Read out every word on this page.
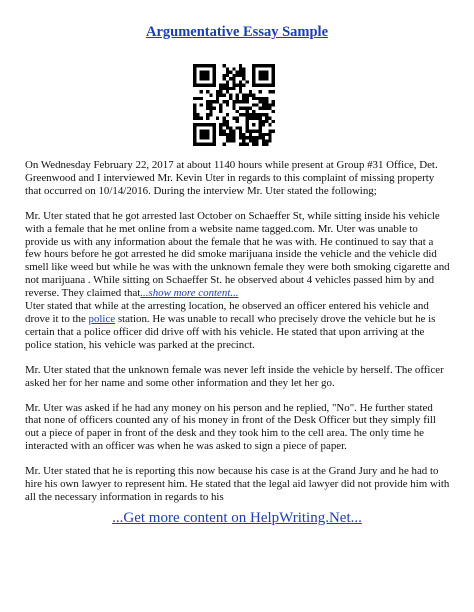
Argumentative Essay Sample

On Wednesday February 22, 2017 at about 1140 hours while present at Group #31 Office, Det. Greenwood and I interviewed Mr. Kevin Uter in regards to this complaint of missing property that occurred on 10/14/2016. During the interview Mr. Uter stated the following;

Mr. Uter stated that he got arrested last October on Schaeffer St, while sitting inside his vehicle with a female that he met online from a website name tagged.com. Mr. Uter was unable to provide us with any information about the female that he was with. He continued to say that a few hours before he got arrested he did smoke marijuana inside the vehicle and the vehicle did smell like weed but while he was with the unknown female they were both smoking cigarette and not marijuana . While sitting on Schaeffer St. he observed about 4 vehicles passed him by and reverse. They claimed that...show more content...

Uter stated that while at the arresting location, he observed an officer entered his vehicle and drove it to the police station. He was unable to recall who precisely drove the vehicle but he is certain that a police officer did drive off with his vehicle. He stated that upon arriving at the police station, his vehicle was parked at the precinct.

Mr. Uter stated that the unknown female was never left inside the vehicle by herself. The officer asked her for her name and some other information and they let her go.

Mr. Uter was asked if he had any money on his person and he replied, "No". He further stated that none of officers counted any of his money in front of the Desk Officer but they simply fill out a piece of paper in front of the desk and they took him to the cell area. The only time he interacted with an officer was when he was asked to sign a piece of paper.

Mr. Uter stated that he is reporting this now because his case is at the Grand Jury and he had to hire his own lawyer to represent him. He stated that the legal aid lawyer did not provide him with all the necessary information in regards to his

...Get more content on HelpWriting.Net...
